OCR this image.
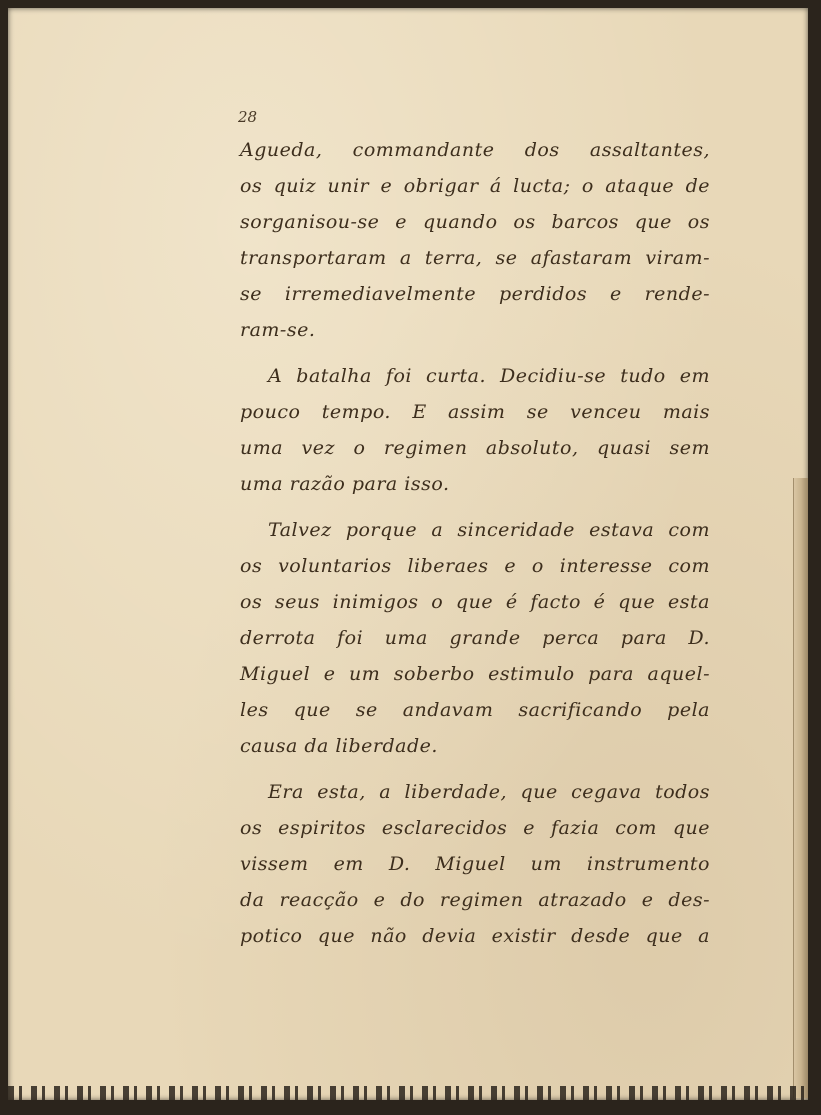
28
Agueda, commandante dos assaltantes,
os quiz unir e obrigar á lucta; o ataque de
sorganisou-se e quando os barcos que os
transportaram a terra, se afastaram viram-
se irremediavelmente perdidos e rende-
ram-se.
A batalha foi curta. Decidiu-se tudo em
pouco tempo. E assim se venceu mais
uma vez o regimen absoluto, quasi sem
uma razão para isso.
Talvez porque a sinceridade estava com
os voluntarios liberaes e o interesse com
os seus inimigos o que é facto é que esta
derrota foi uma grande perca para D.
Miguel e um soberbo estimulo para aquel-
les que se andavam sacrificando pela
causa da liberdade.
Era esta, a liberdade, que cegava todos
os espiritos esclarecidos e fazia com que
vissem em D. Miguel um instrumento
da reacção e do regimen atrazado e des-
potico que não devia existir desde que a
